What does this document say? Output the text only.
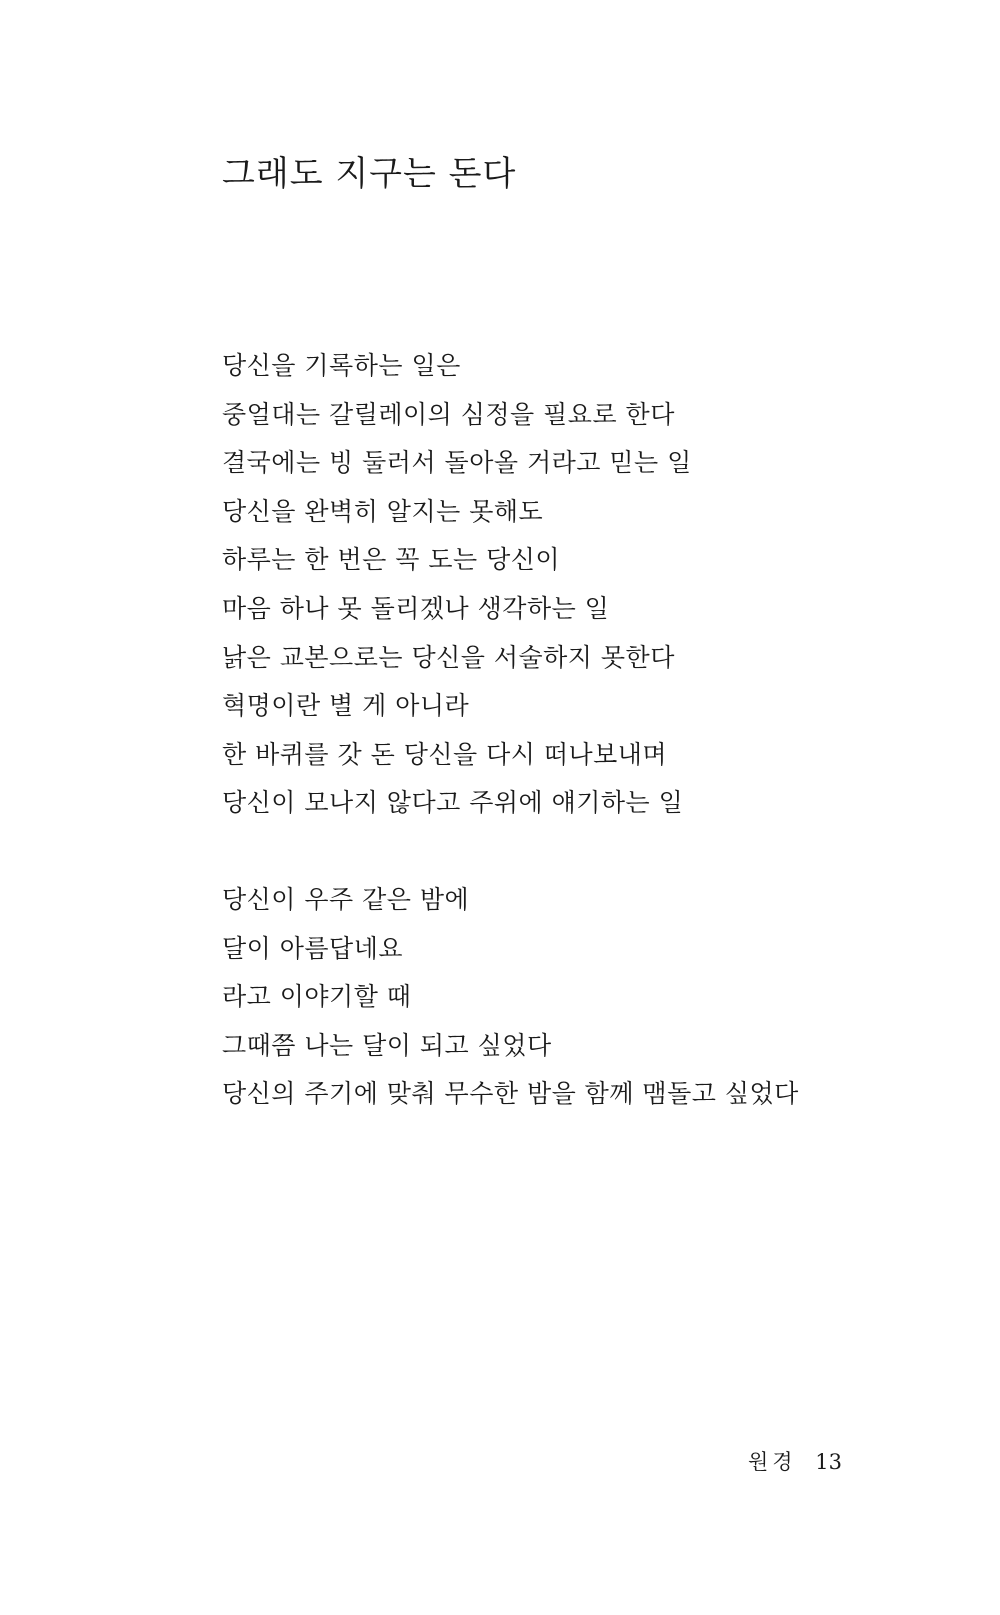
그래도 지구는 돈다

당신을 기록하는 일은
중얼대는 갈릴레이의 심정을 필요로 한다
결국에는 빙 둘러서 돌아올 거라고 믿는 일
당신을 완벽히 알지는 못해도
하루는 한 번은 꼭 도는 당신이
마음 하나 못 돌리겠나 생각하는 일
낡은 교본으로는 당신을 서술하지 못한다
혁명이란 별 게 아니라
한 바퀴를 갓 돈 당신을 다시 떠나보내며
당신이 모나지 않다고 주위에 얘기하는 일

당신이 우주 같은 밤에
달이 아름답네요
라고 이야기할 때
그때쯤 나는 달이 되고 싶었다
당신의 주기에 맞춰 무수한 밤을 함께 맴돌고 싶었다

원경 13
